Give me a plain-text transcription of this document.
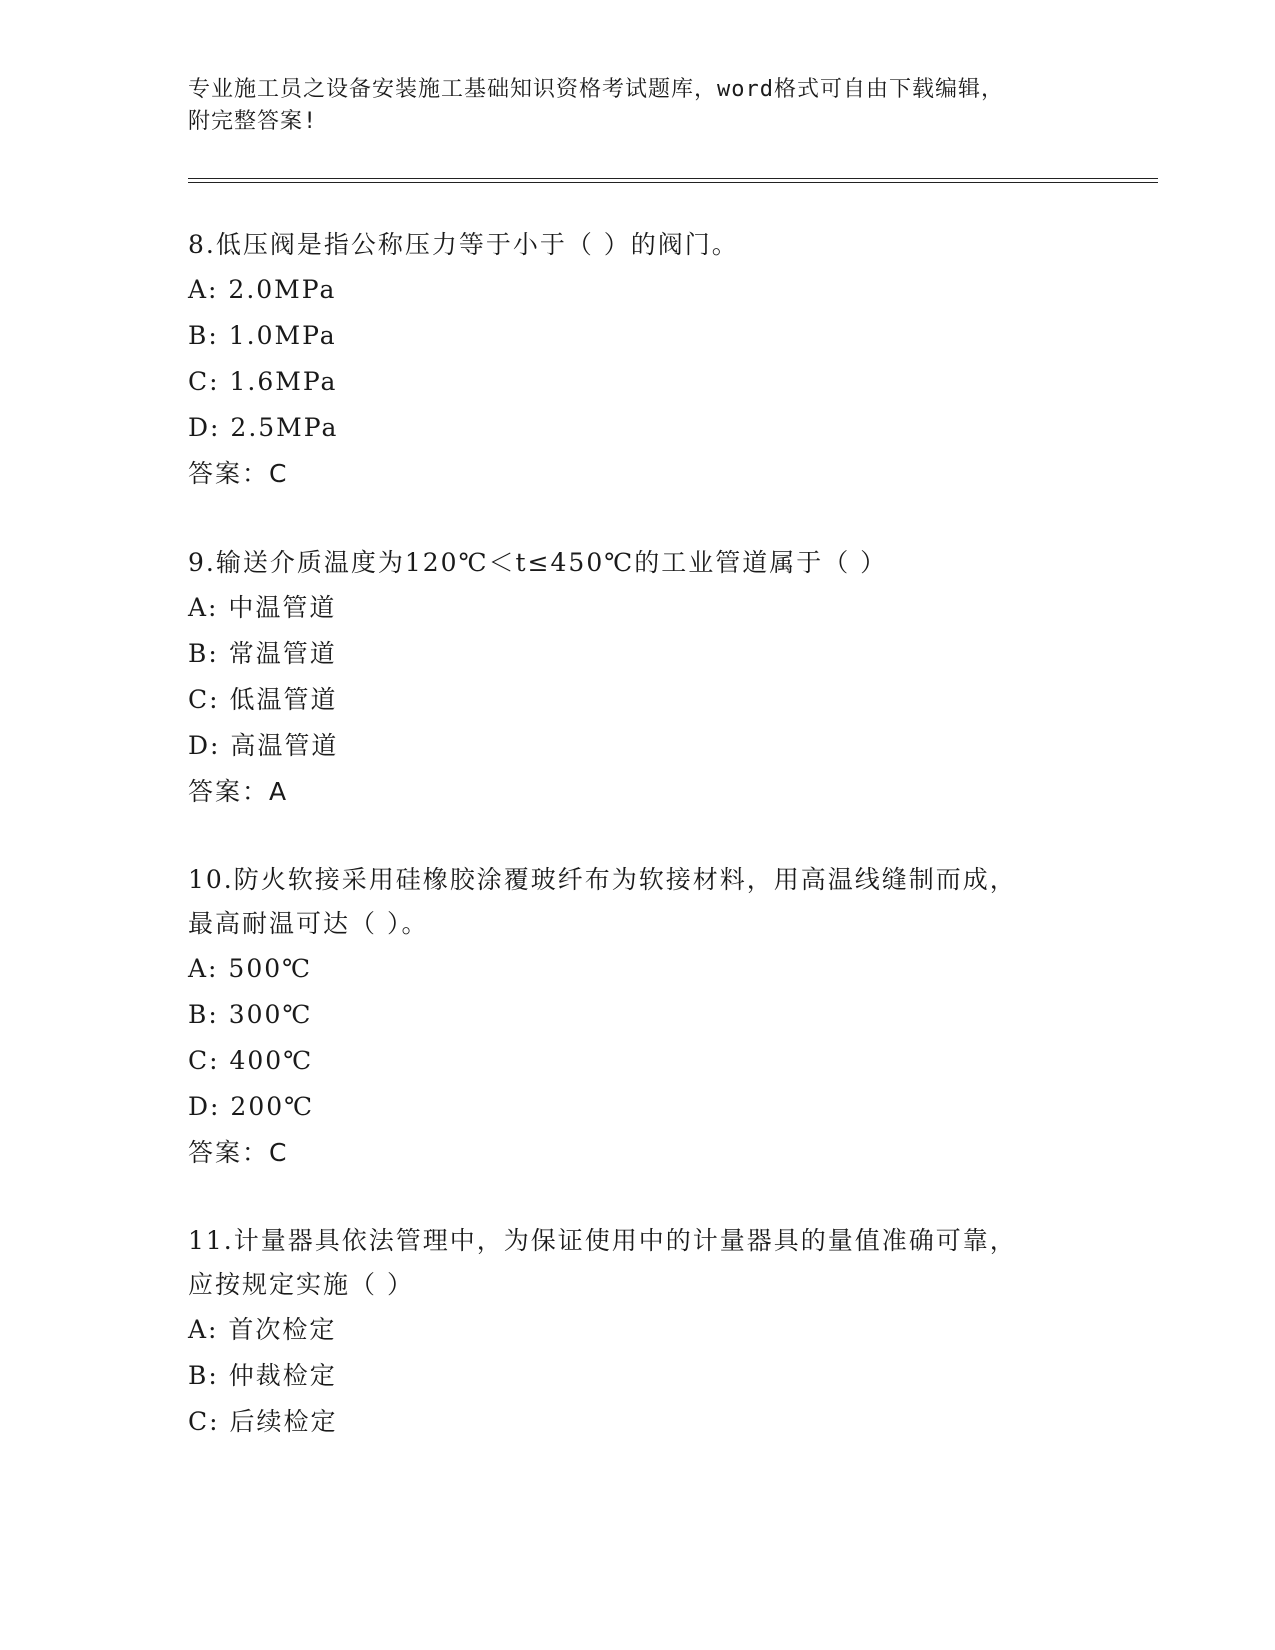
专业施工员之设备安装施工基础知识资格考试题库，word格式可自由下载编辑，
附完整答案!

8.低压阀是指公称压力等于小于（ ）的阀门。

A: 2.0MPa

B: 1.0MPa

C: 1.6MPa

D: 2.5MPa

答案：C

9.输送介质温度为120℃＜t≤450℃的工业管道属于（ ）

A: 中温管道

B: 常温管道

C: 低温管道

D: 高温管道

答案：A

10.防火软接采用硅橡胶涂覆玻纤布为软接材料，用高温线缝制而成，

最高耐温可达（ ）。

A: 500℃

B: 300℃

C: 400℃

D: 200℃

答案：C

11.计量器具依法管理中，为保证使用中的计量器具的量值准确可靠，

应按规定实施（ ）

A: 首次检定

B: 仲裁检定

C: 后续检定
